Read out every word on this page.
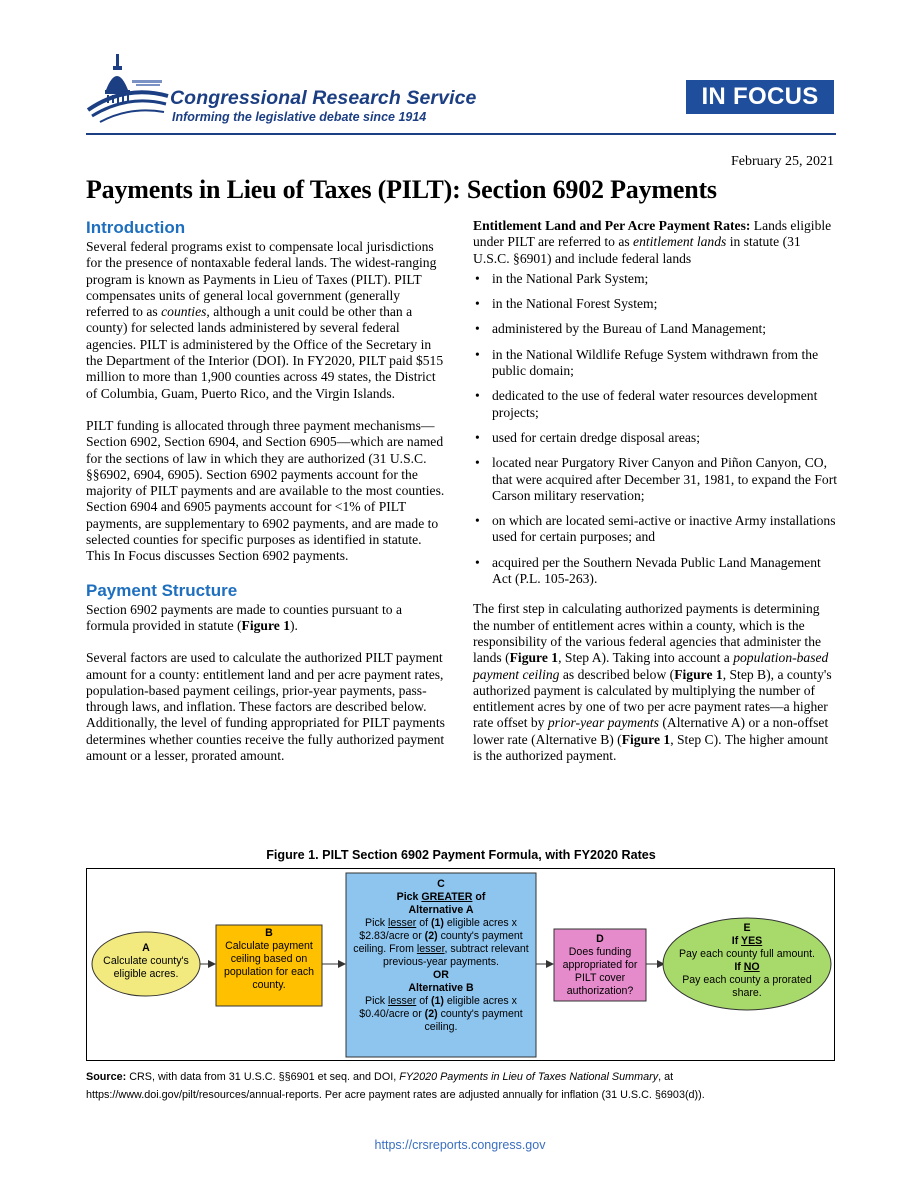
Congressional Research Service
Informing the legislative debate since 1914
IN FOCUS
February 25, 2021
Payments in Lieu of Taxes (PILT): Section 6902 Payments
Introduction

Several federal programs exist to compensate local jurisdictions for the presence of nontaxable federal lands. The widest-ranging program is known as Payments in Lieu of Taxes (PILT). PILT compensates units of general local government (generally referred to as counties, although a unit could be other than a county) for selected lands administered by several federal agencies. PILT is administered by the Office of the Secretary in the Department of the Interior (DOI). In FY2020, PILT paid $515 million to more than 1,900 counties across 49 states, the District of Columbia, Guam, Puerto Rico, and the Virgin Islands.

PILT funding is allocated through three payment mechanisms—Section 6902, Section 6904, and Section 6905—which are named for the sections of law in which they are authorized (31 U.S.C. §§6902, 6904, 6905). Section 6902 payments account for the majority of PILT payments and are available to the most counties. Section 6904 and 6905 payments account for <1% of PILT payments, are supplementary to 6902 payments, and are made to selected counties for specific purposes as identified in statute. This In Focus discusses Section 6902 payments.

Payment Structure

Section 6902 payments are made to counties pursuant to a formula provided in statute (Figure 1).

Several factors are used to calculate the authorized PILT payment amount for a county: entitlement land and per acre payment rates, population-based payment ceilings, prior-year payments, pass-through laws, and inflation. These factors are described below. Additionally, the level of funding appropriated for PILT payments determines whether counties receive the fully authorized payment amount or a lesser, prorated amount.

Entitlement Land and Per Acre Payment Rates: Lands eligible under PILT are referred to as entitlement lands in statute (31 U.S.C. §6901) and include federal lands

• in the National Park System;
• in the National Forest System;
• administered by the Bureau of Land Management;
• in the National Wildlife Refuge System withdrawn from the public domain;
• dedicated to the use of federal water resources development projects;
• used for certain dredge disposal areas;
• located near Purgatory River Canyon and Piñon Canyon, CO, that were acquired after December 31, 1981, to expand the Fort Carson military reservation;
• on which are located semi-active or inactive Army installations used for certain purposes; and
• acquired per the Southern Nevada Public Land Management Act (P.L. 105-263).

The first step in calculating authorized payments is determining the number of entitlement acres within a county, which is the responsibility of the various federal agencies that administer the lands (Figure 1, Step A). Taking into account a population-based payment ceiling as described below (Figure 1, Step B), a county's authorized payment is calculated by multiplying the number of entitlement acres by one of two per acre payment rates—a higher rate offset by prior-year payments (Alternative A) or a non-offset lower rate (Alternative B) (Figure 1, Step C). The higher amount is the authorized payment.

Figure 1. PILT Section 6902 Payment Formula, with FY2020 Rates
A
Calculate county's eligible acres.
B
Calculate payment ceiling based on population for each county.
C
Pick GREATER of
Alternative A
Pick lesser of (1) eligible acres x $2.83/acre or (2) county's payment ceiling. From lesser, subtract relevant previous-year payments.
OR
Alternative B
Pick lesser of (1) eligible acres x $0.40/acre or (2) county's payment ceiling.
D
Does funding appropriated for PILT cover authorization?
E
If YES
Pay each county full amount.
If NO
Pay each county a prorated share.
Source: CRS, with data from 31 U.S.C. §§6901 et seq. and DOI, FY2020 Payments in Lieu of Taxes National Summary, at https://www.doi.gov/pilt/resources/annual-reports. Per acre payment rates are adjusted annually for inflation (31 U.S.C. §6903(d)).
https://crsreports.congress.gov
